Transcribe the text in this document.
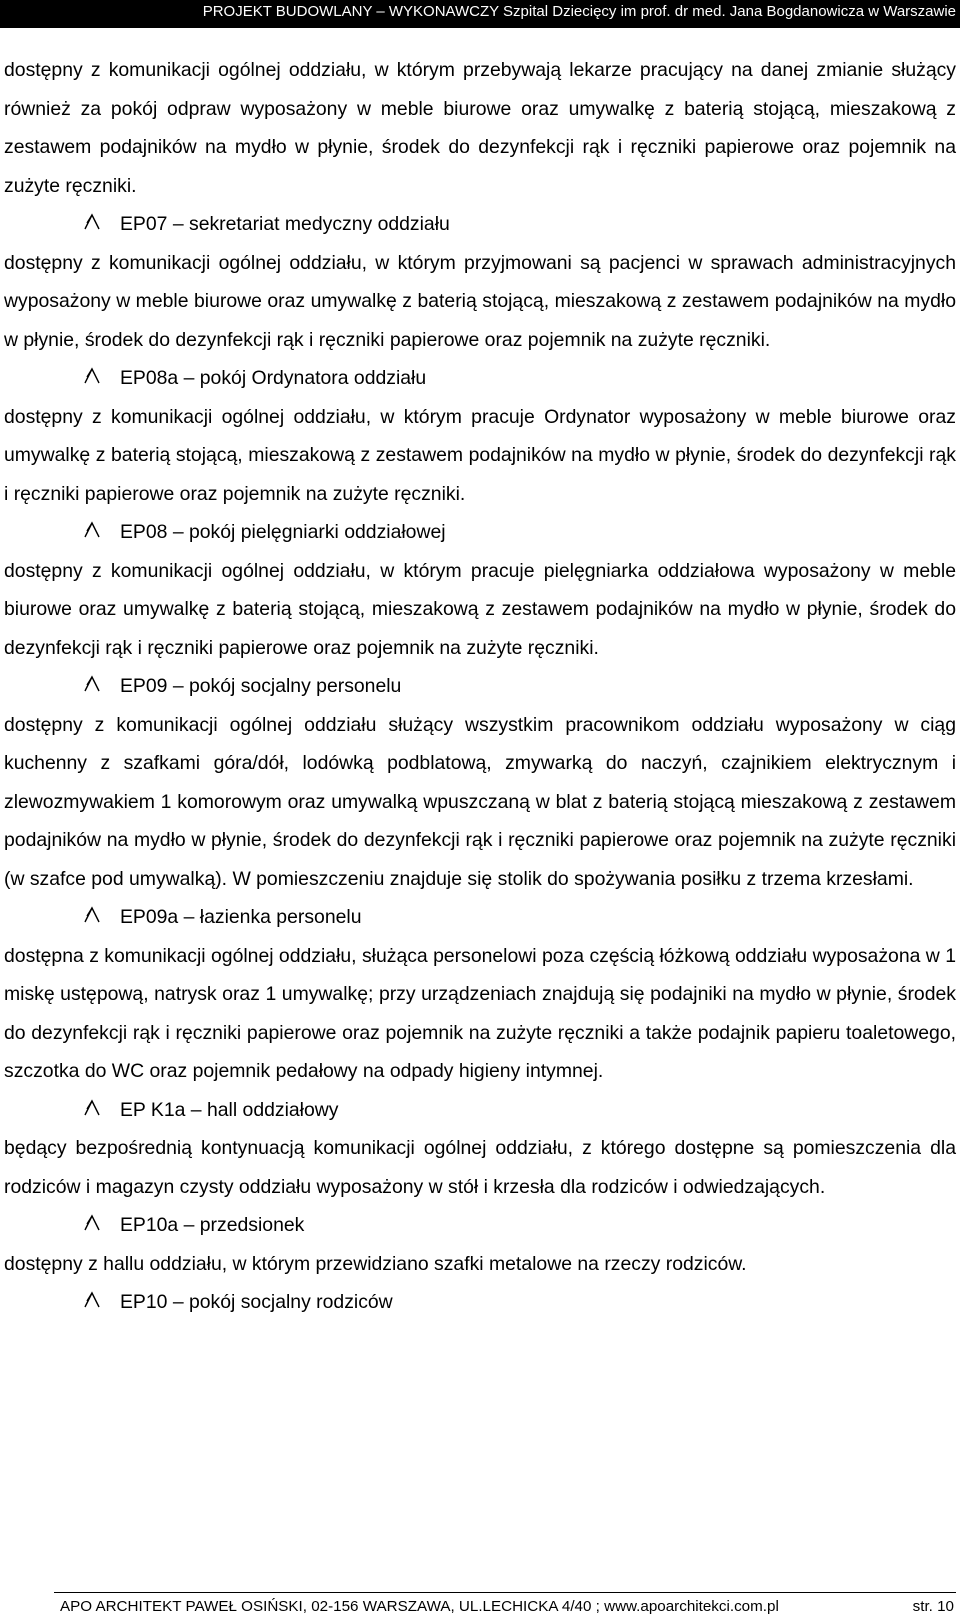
PROJEKT BUDOWLANY – WYKONAWCZY Szpital Dziecięcy im prof. dr med. Jana Bogdanowicza w Warszawie

dostępny z komunikacji ogólnej oddziału, w którym przebywają lekarze pracujący na danej zmianie służący również za pokój odpraw wyposażony w meble biurowe oraz umywalkę z baterią stojącą, mieszakową z zestawem podajników na mydło w płynie, środek do dezynfekcji rąk i ręczniki papierowe oraz pojemnik na zużyte ręczniki.

EP07 – sekretariat medyczny oddziału

dostępny z komunikacji ogólnej oddziału, w którym przyjmowani są pacjenci w sprawach administracyjnych wyposażony w meble biurowe oraz umywalkę z baterią stojącą, mieszakową z zestawem podajników na mydło w płynie, środek do dezynfekcji rąk i ręczniki papierowe oraz pojemnik na zużyte ręczniki.

EP08a – pokój Ordynatora oddziału

dostępny z komunikacji ogólnej oddziału, w którym pracuje Ordynator wyposażony w meble biurowe oraz umywalkę z baterią stojącą, mieszakową z zestawem podajników na mydło w płynie, środek do dezynfekcji rąk i ręczniki papierowe oraz pojemnik na zużyte ręczniki.

EP08 – pokój pielęgniarki oddziałowej

dostępny z komunikacji ogólnej oddziału, w którym pracuje pielęgniarka oddziałowa wyposażony w meble biurowe oraz umywalkę z baterią stojącą, mieszakową z zestawem podajników na mydło w płynie, środek do dezynfekcji rąk i ręczniki papierowe oraz pojemnik na zużyte ręczniki.

EP09 – pokój socjalny personelu

dostępny z komunikacji ogólnej oddziału służący wszystkim pracownikom oddziału wyposażony w ciąg kuchenny z szafkami góra/dół, lodówką podblatową, zmywarką do naczyń, czajnikiem elektrycznym i zlewozmywakiem 1 komorowym oraz umywalką wpuszczaną w blat z baterią stojącą mieszakową z zestawem podajników na mydło w płynie, środek do dezynfekcji rąk i ręczniki papierowe oraz pojemnik na zużyte ręczniki (w szafce pod umywalką). W pomieszczeniu znajduje się stolik do spożywania posiłku z trzema krzesłami.

EP09a – łazienka personelu

dostępna z komunikacji ogólnej oddziału, służąca personelowi poza częścią łóżkową oddziału wyposażona w 1 miskę ustępową, natrysk oraz 1 umywalkę; przy urządzeniach znajdują się podajniki na mydło w płynie, środek do dezynfekcji rąk i ręczniki papierowe oraz pojemnik na zużyte ręczniki a także podajnik papieru toaletowego, szczotka do WC oraz pojemnik pedałowy na odpady higieny intymnej.

EP K1a – hall oddziałowy

będący bezpośrednią kontynuacją komunikacji ogólnej oddziału, z którego dostępne są pomieszczenia dla rodziców i magazyn czysty oddziału wyposażony w stół i krzesła dla rodziców i odwiedzających.

EP10a – przedsionek

dostępny z hallu oddziału, w którym przewidziano szafki metalowe na rzeczy rodziców.

EP10 – pokój socjalny rodziców
APO ARCHITEKT PAWEŁ OSIŃSKI, 02-156 WARSZAWA, UL.LECHICKA 4/40 ; www.apoarchitekci.com.pl	str. 10
